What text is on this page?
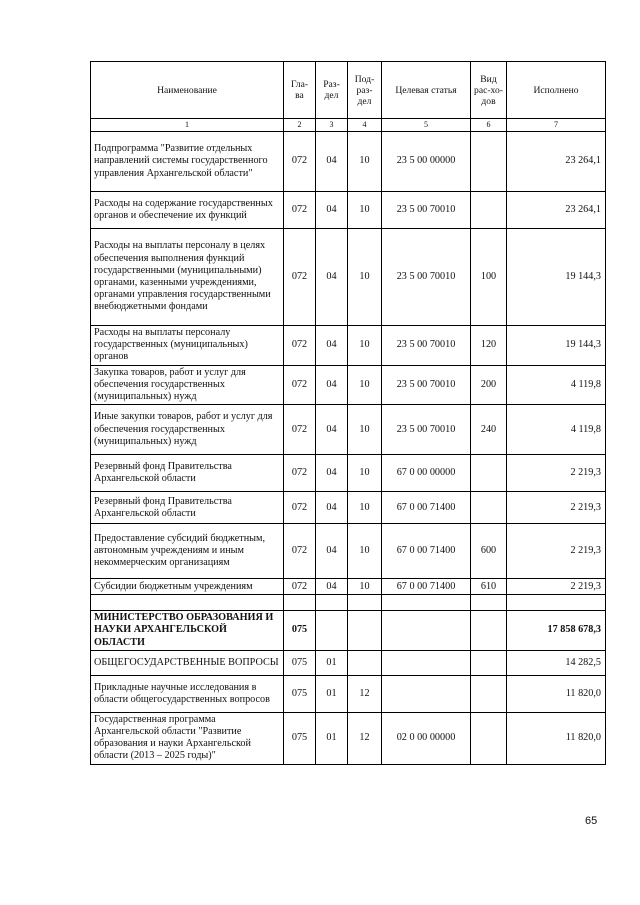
Наименование	Гла-ва	Раз-дел	Под-раз-дел	Целевая статья	Вид рас-хо-дов	Исполнено
1	2	3	4	5	6	7
Подпрограмма "Развитие отдельных направлений системы государственного управления Архангельской области"	072	04	10	23 5 00 00000		23 264,1
Расходы на содержание государственных органов и обеспечение их функций	072	04	10	23 5 00 70010		23 264,1
Расходы на выплаты персоналу в целях обеспечения выполнения функций государственными (муниципальными) органами, казенными учреждениями, органами управления государственными внебюджетными фондами	072	04	10	23 5 00 70010	100	19 144,3
Расходы на выплаты персоналу государственных (муниципальных) органов	072	04	10	23 5 00 70010	120	19 144,3
Закупка товаров, работ и услуг для обеспечения государственных (муниципальных) нужд	072	04	10	23 5 00 70010	200	4 119,8
Иные закупки товаров, работ и услуг для обеспечения государственных (муниципальных) нужд	072	04	10	23 5 00 70010	240	4 119,8
Резервный фонд Правительства Архангельской области	072	04	10	67 0 00 00000		2 219,3
Резервный фонд Правительства Архангельской области	072	04	10	67 0 00 71400		2 219,3
Предоставление субсидий бюджетным, автономным учреждениям и иным некоммерческим организациям	072	04	10	67 0 00 71400	600	2 219,3
Субсидии бюджетным учреждениям	072	04	10	67 0 00 71400	610	2 219,3

МИНИСТЕРСТВО ОБРАЗОВАНИЯ И НАУКИ АРХАНГЕЛЬСКОЙ ОБЛАСТИ	075					17 858 678,3
ОБЩЕГОСУДАРСТВЕННЫЕ ВОПРОСЫ	075	01				14 282,5
Прикладные научные исследования в области общегосударственных вопросов	075	01	12			11 820,0
Государственная программа Архангельской области "Развитие образования и науки Архангельской области (2013 – 2025 годы)"	075	01	12	02 0 00 00000		11 820,0
65
